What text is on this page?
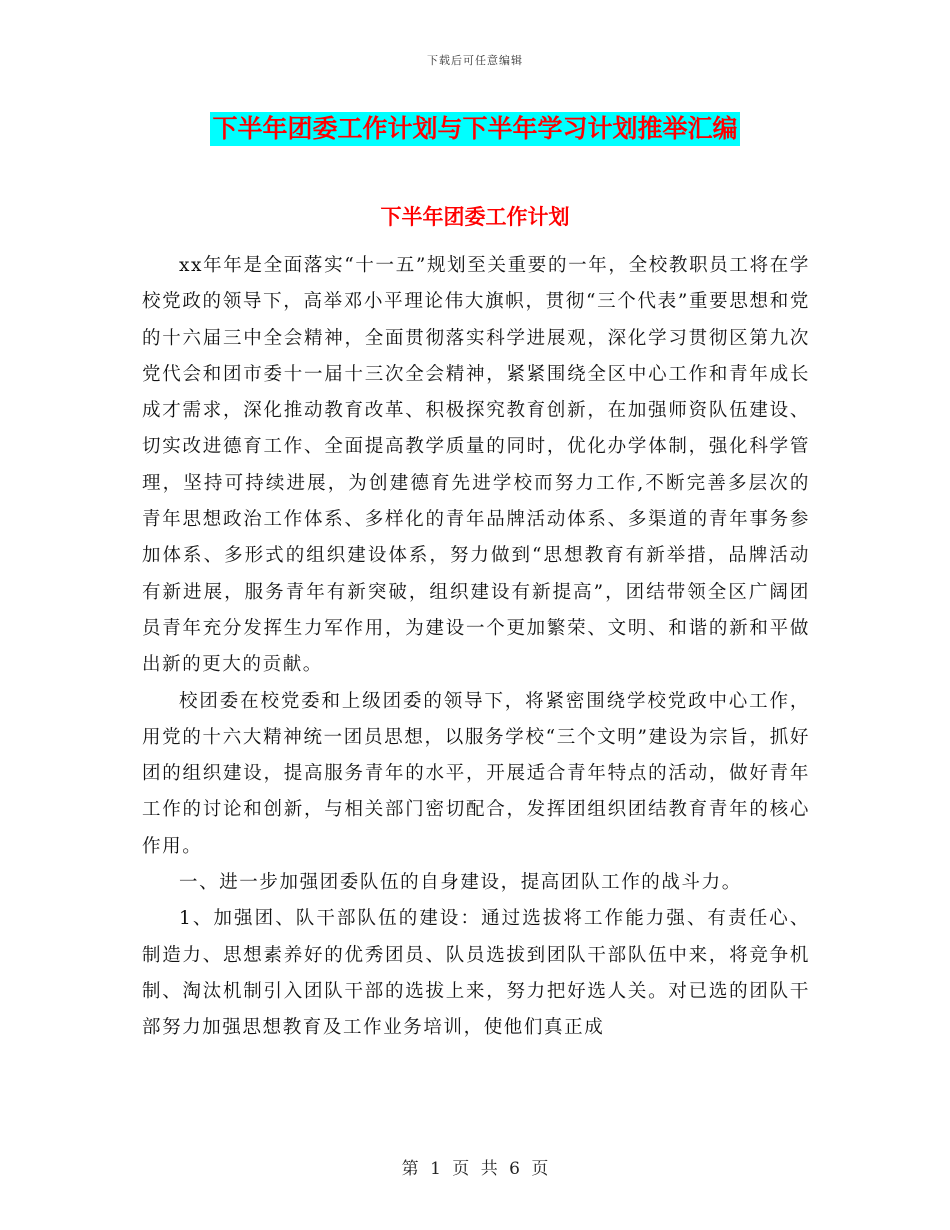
下载后可任意编辑
下半年团委工作计划与下半年学习计划推举汇编
下半年团委工作计划

xx年年是全面落实“十一五”规划至关重要的一年，全校教职员工将在学校党政的领导下，高举邓小平理论伟大旗帜，贯彻“三个代表”重要思想和党的十六届三中全会精神，全面贯彻落实科学进展观，深化学习贯彻区第九次党代会和团市委十一届十三次全会精神，紧紧围绕全区中心工作和青年成长成才需求，深化推动教育改革、积极探究教育创新，在加强师资队伍建设、切实改进德育工作、全面提高教学质量的同时，优化办学体制，强化科学管理，坚持可持续进展，为创建德育先进学校而努力工作,不断完善多层次的青年思想政治工作体系、多样化的青年品牌活动体系、多渠道的青年事务参加体系、多形式的组织建设体系，努力做到“思想教育有新举措，品牌活动有新进展，服务青年有新突破，组织建设有新提高”，团结带领全区广阔团员青年充分发挥生力军作用，为建设一个更加繁荣、文明、和谐的新和平做出新的更大的贡献。

校团委在校党委和上级团委的领导下，将紧密围绕学校党政中心工作，用党的十六大精神统一团员思想，以服务学校“三个文明”建设为宗旨，抓好团的组织建设，提高服务青年的水平，开展适合青年特点的活动，做好青年工作的讨论和创新，与相关部门密切配合，发挥团组织团结教育青年的核心作用。

一、进一步加强团委队伍的自身建设，提高团队工作的战斗力。

1、加强团、队干部队伍的建设：通过选拔将工作能力强、有责任心、制造力、思想素养好的优秀团员、队员选拔到团队干部队伍中来，将竞争机制、淘汰机制引入团队干部的选拔上来，努力把好选人关。对已选的团队干部努力加强思想教育及工作业务培训，使他们真正成

第 1 页 共 6 页
